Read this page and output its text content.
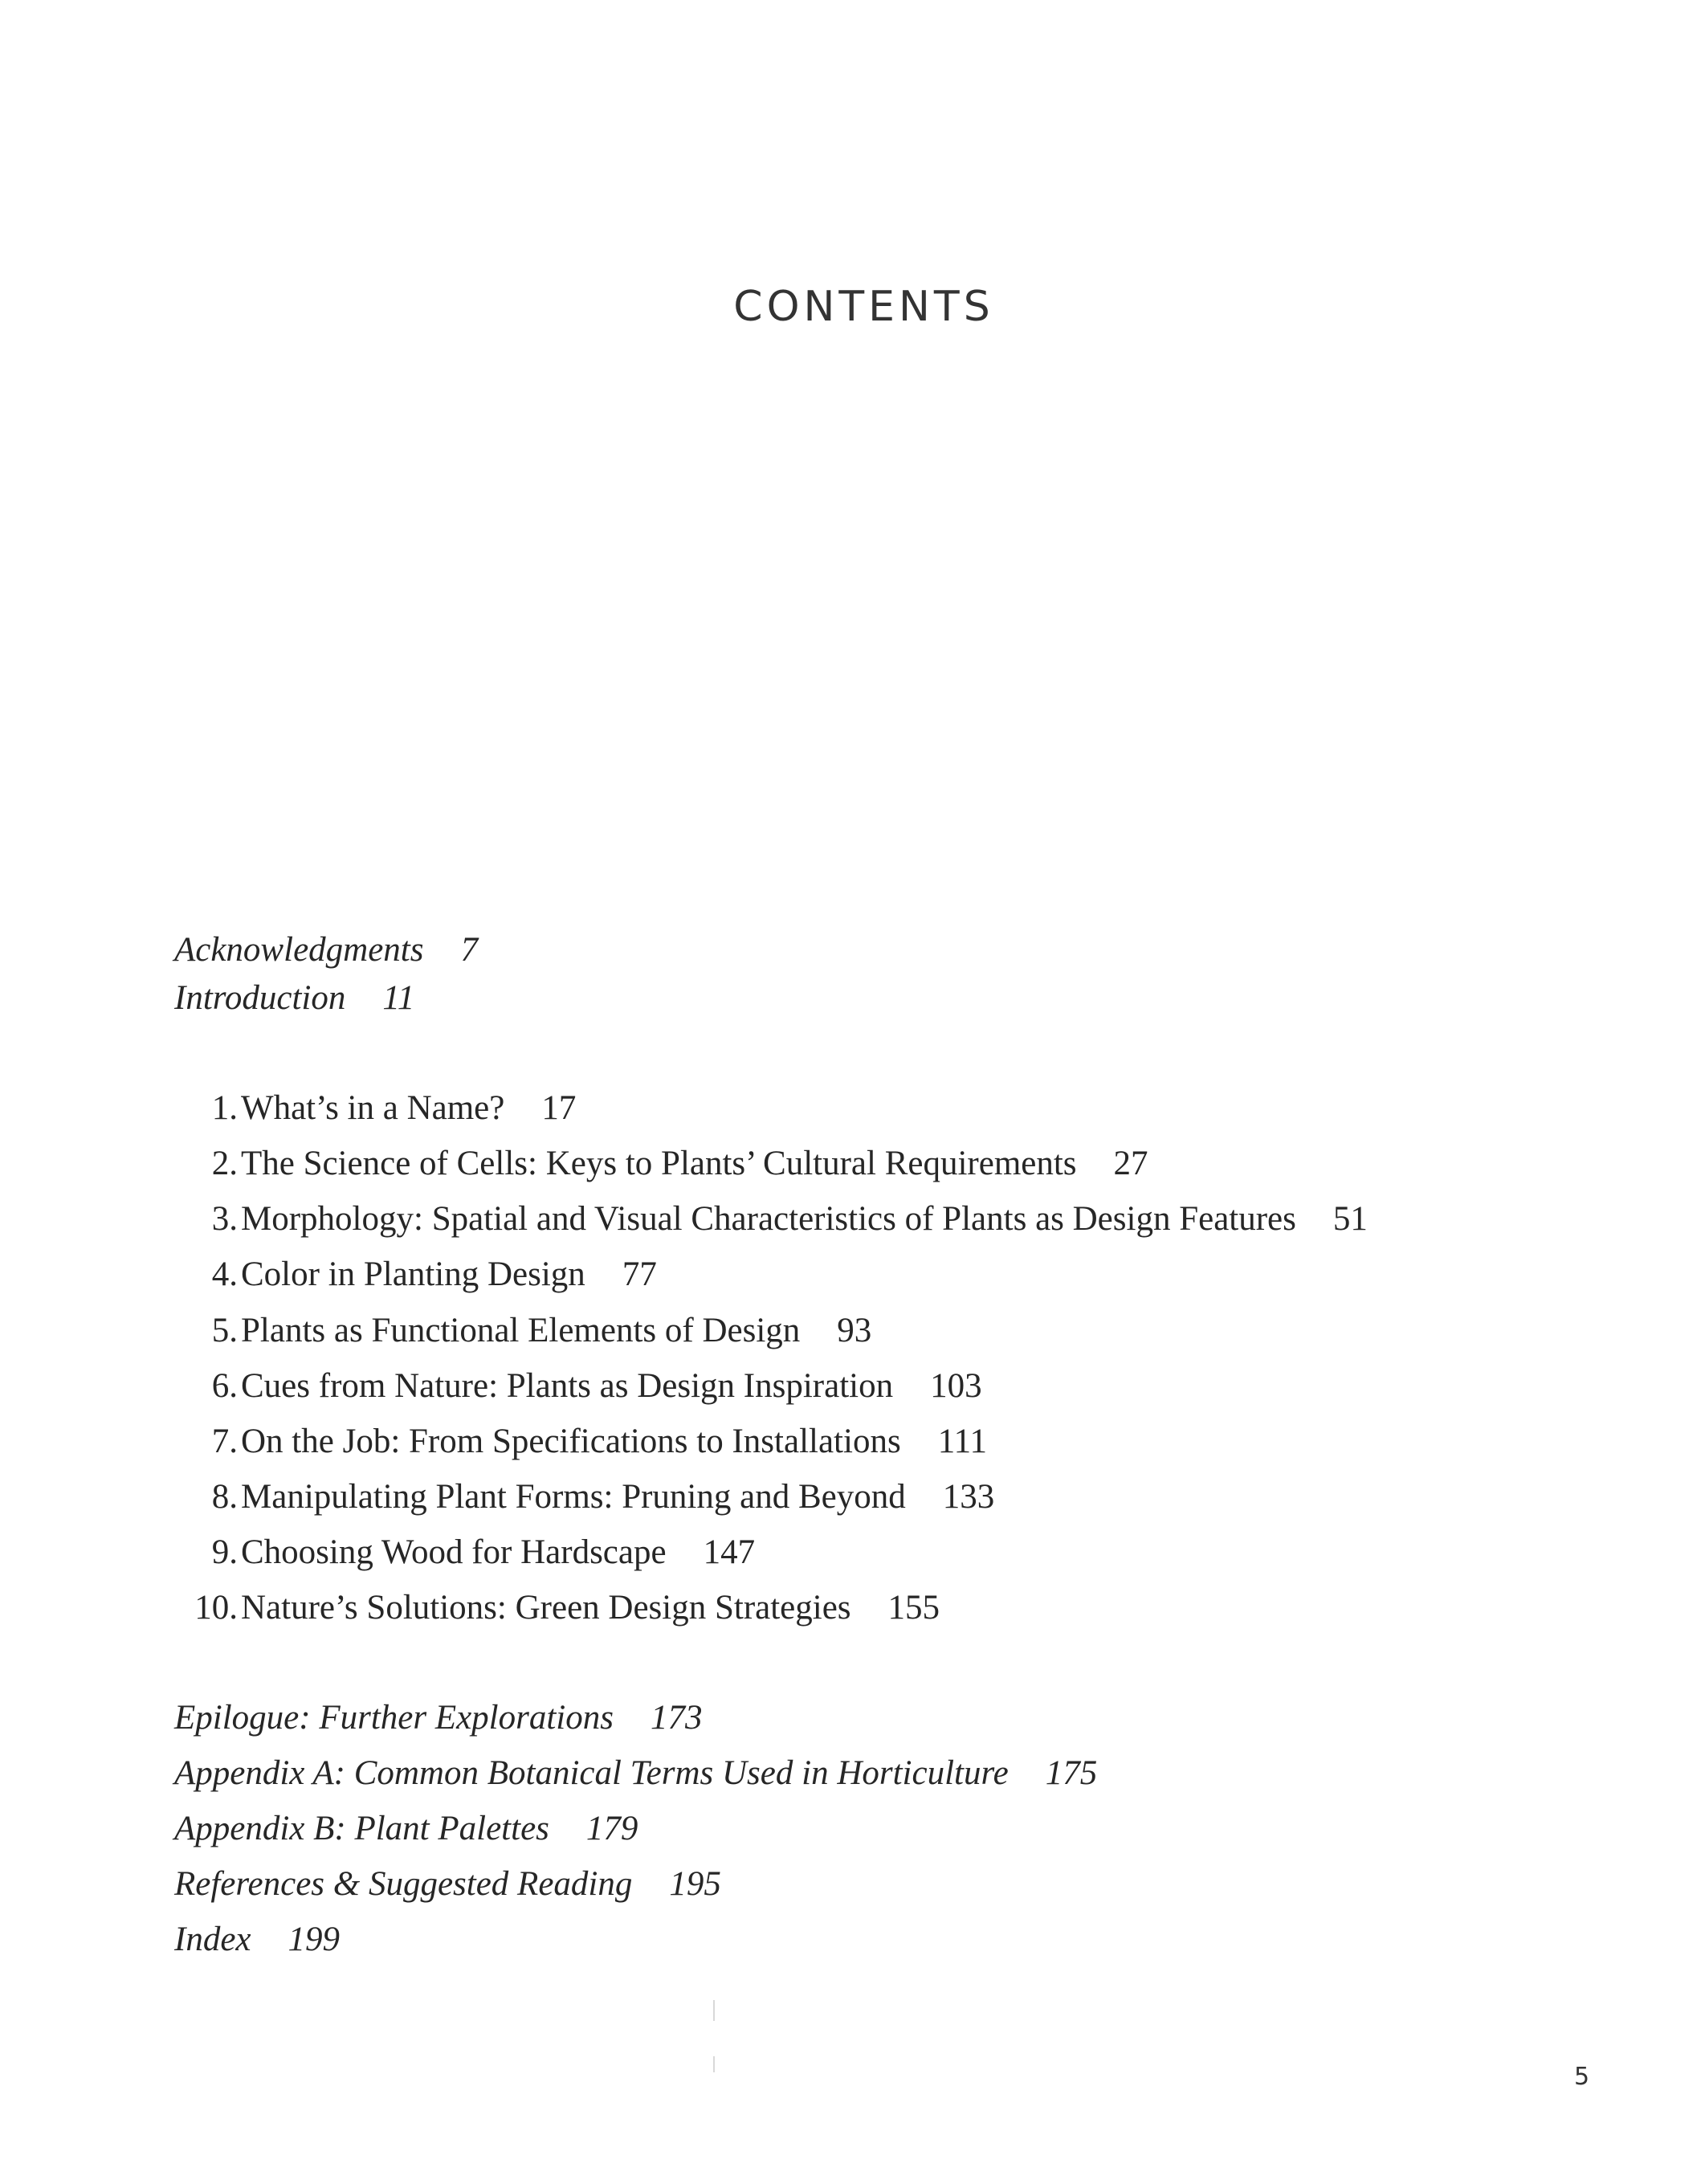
CONTENTS
Acknowledgments 7
Introduction 11
1.What’s in a Name? 17
2.The Science of Cells: Keys to Plants’ Cultural Requirements 27
3.Morphology: Spatial and Visual Characteristics of Plants as Design Features 51
4.Color in Planting Design 77
5.Plants as Functional Elements of Design 93
6.Cues from Nature: Plants as Design Inspiration 103
7.On the Job: From Specifications to Installations 111
8.Manipulating Plant Forms: Pruning and Beyond 133
9.Choosing Wood for Hardscape 147
10.Nature’s Solutions: Green Design Strategies 155
Epilogue: Further Explorations 173
Appendix A: Common Botanical Terms Used in Horticulture 175
Appendix B: Plant Palettes 179
References & Suggested Reading 195
Index 199
5
